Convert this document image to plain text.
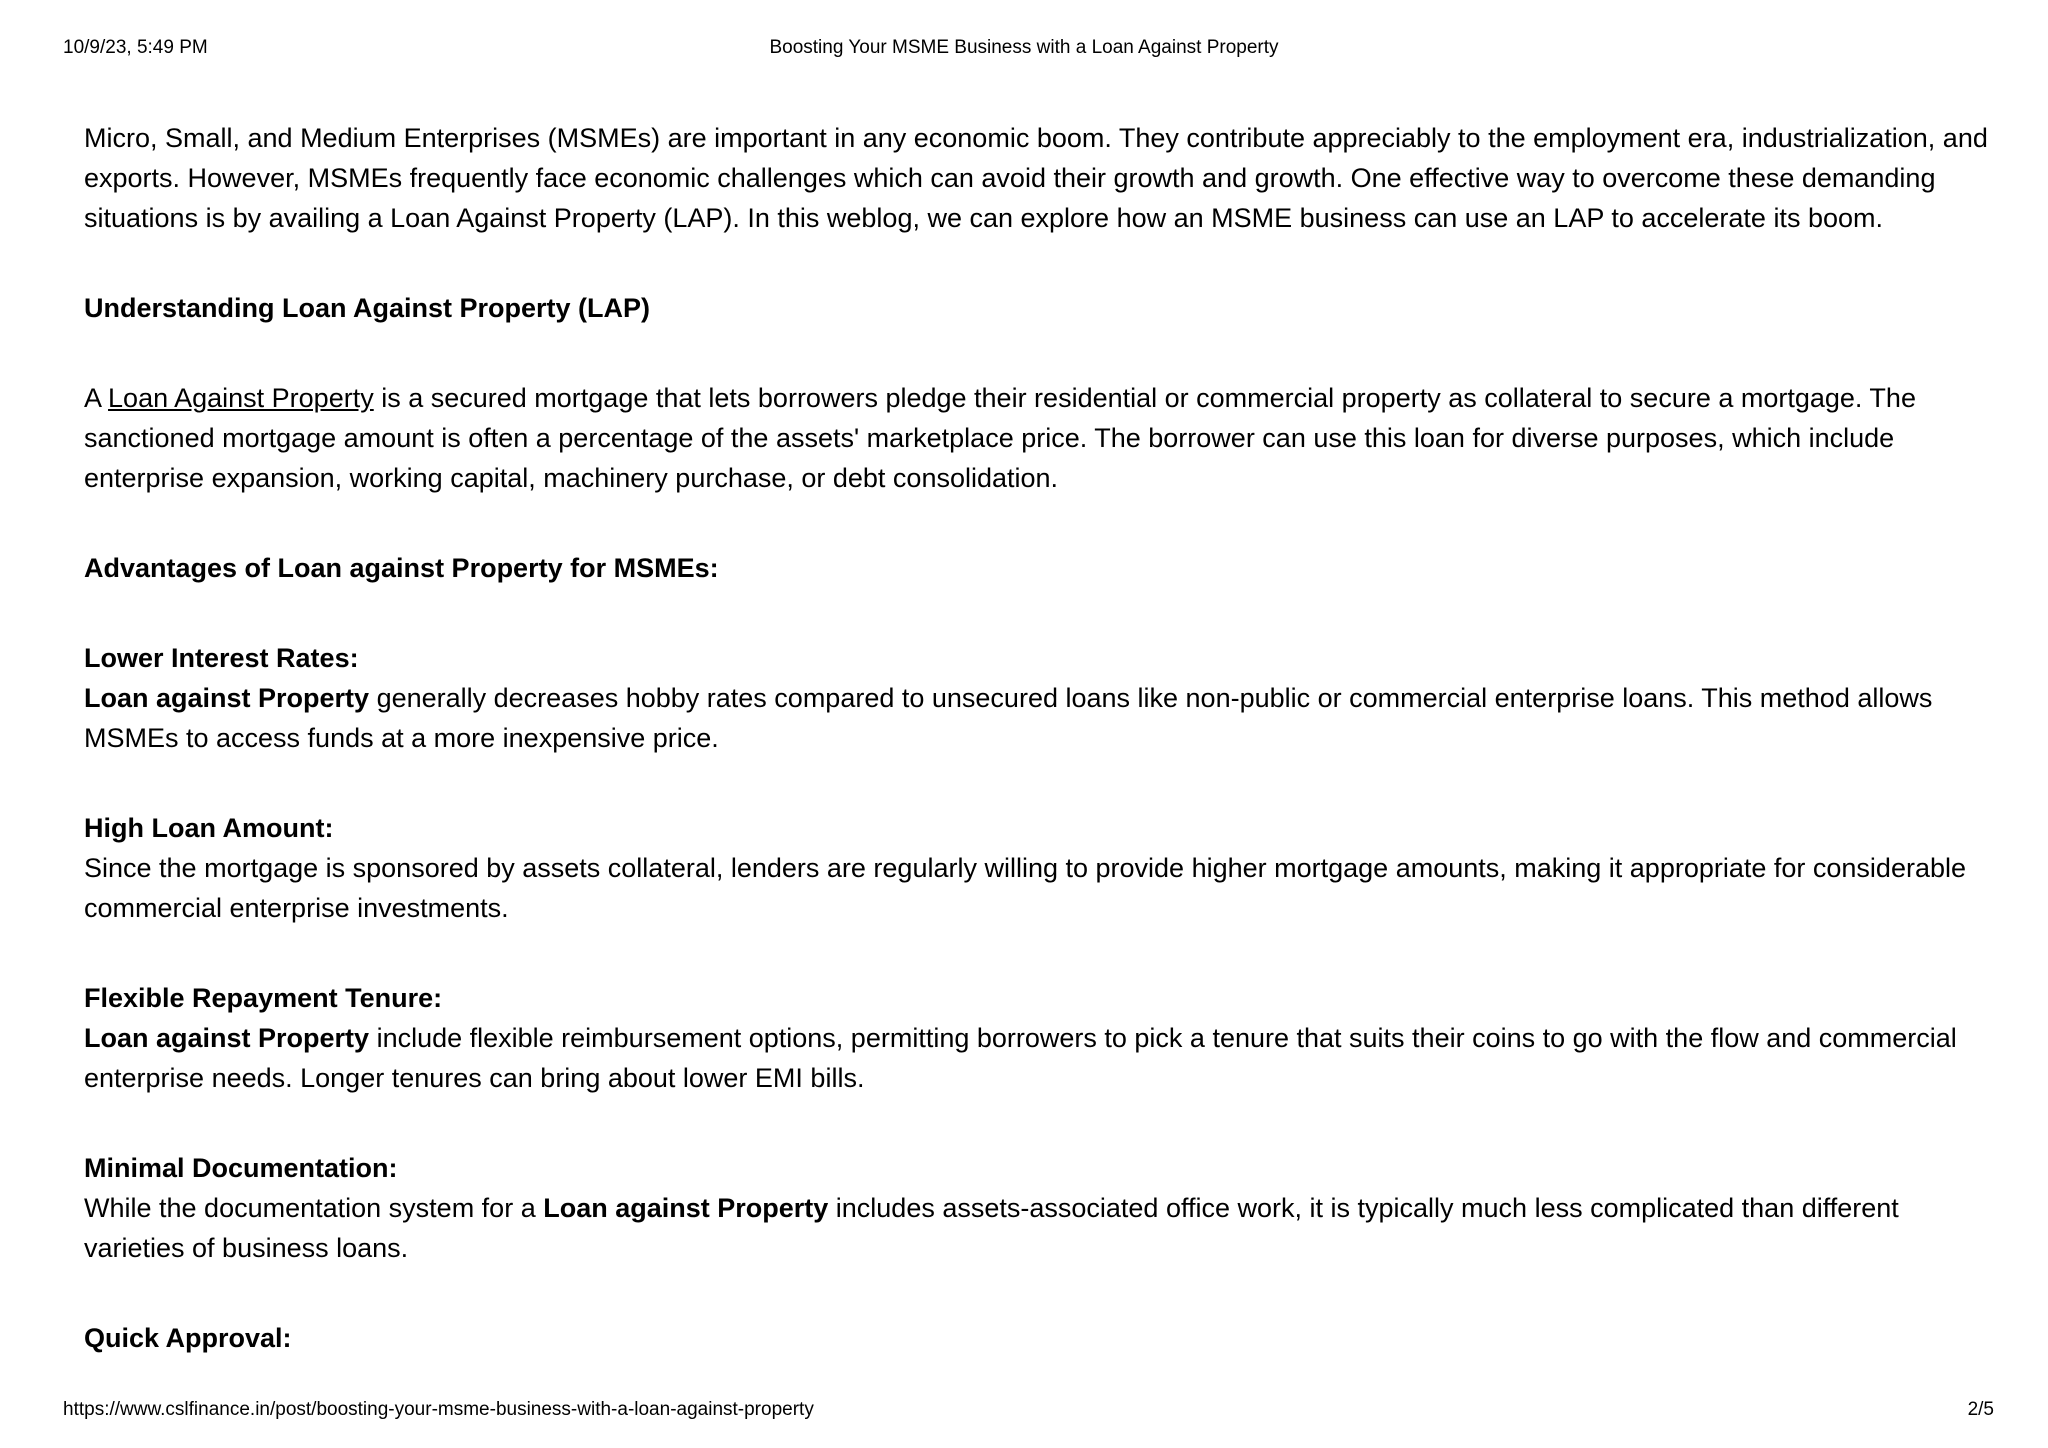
10/9/23, 5:49 PM	Boosting Your MSME Business with a Loan Against Property

Micro, Small, and Medium Enterprises (MSMEs) are important in any economic boom. They contribute appreciably to the employment era, industrialization, and exports. However, MSMEs frequently face economic challenges which can avoid their growth and growth. One effective way to overcome these demanding situations is by availing a Loan Against Property (LAP). In this weblog, we can explore how an MSME business can use an LAP to accelerate its boom.

Understanding Loan Against Property (LAP)

A Loan Against Property is a secured mortgage that lets borrowers pledge their residential or commercial property as collateral to secure a mortgage. The sanctioned mortgage amount is often a percentage of the assets' marketplace price. The borrower can use this loan for diverse purposes, which include enterprise expansion, working capital, machinery purchase, or debt consolidation.

Advantages of Loan against Property for MSMEs:

Lower Interest Rates:

Loan against Property generally decreases hobby rates compared to unsecured loans like non-public or commercial enterprise loans. This method allows MSMEs to access funds at a more inexpensive price.

High Loan Amount:

Since the mortgage is sponsored by assets collateral, lenders are regularly willing to provide higher mortgage amounts, making it appropriate for considerable commercial enterprise investments.

Flexible Repayment Tenure:

Loan against Property include flexible reimbursement options, permitting borrowers to pick a tenure that suits their coins to go with the flow and commercial enterprise needs. Longer tenures can bring about lower EMI bills.

Minimal Documentation:

While the documentation system for a Loan against Property includes assets-associated office work, it is typically much less complicated than different varieties of business loans.

Quick Approval:

https://www.cslfinance.in/post/boosting-your-msme-business-with-a-loan-against-property	2/5
